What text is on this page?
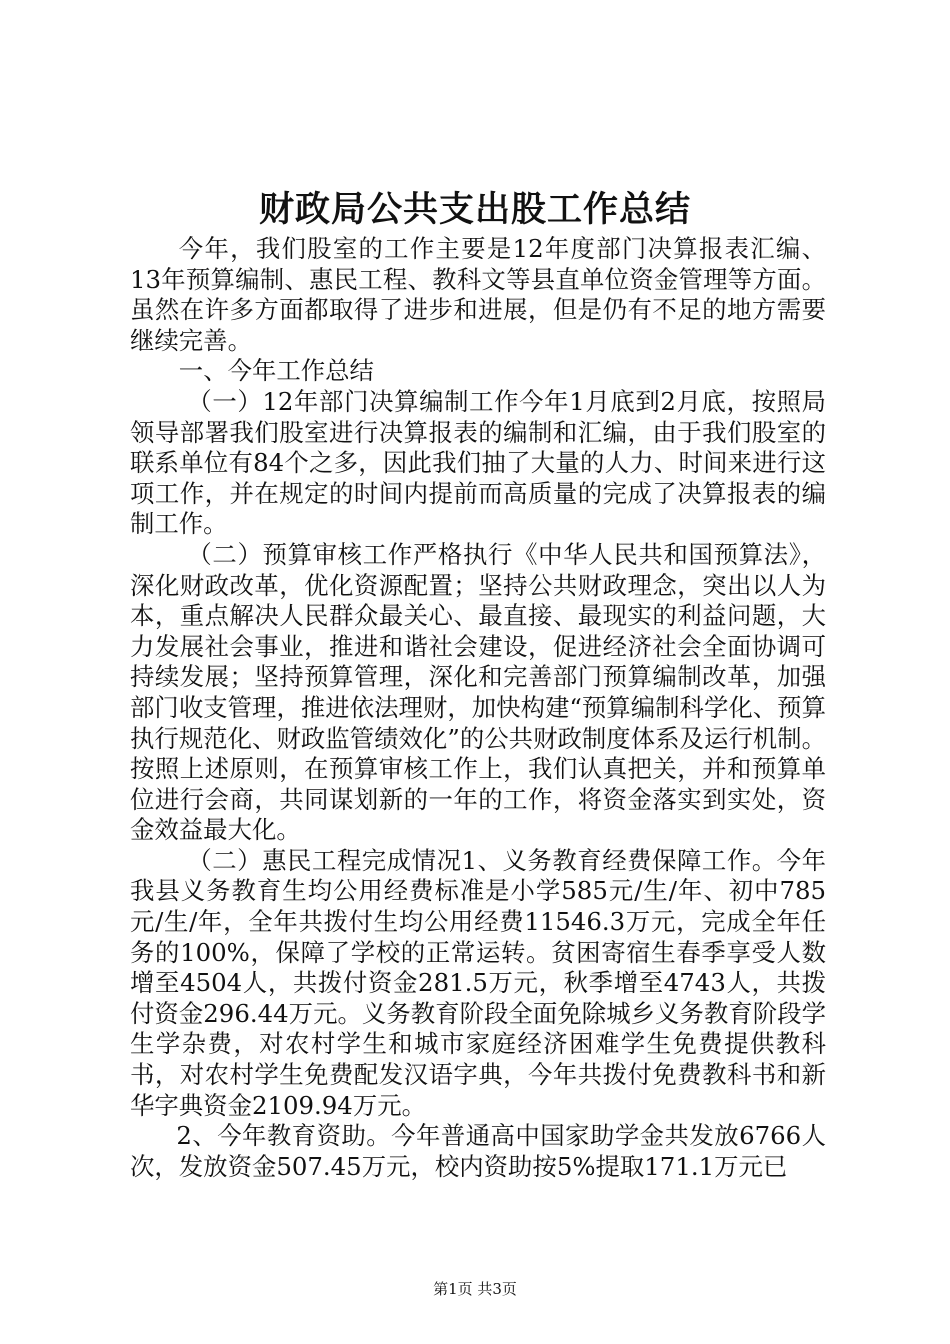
财政局公共支出股工作总结

今年，我们股室的工作主要是12年度部门决算报表汇编、13年预算编制、惠民工程、教科文等县直单位资金管理等方面。虽然在许多方面都取得了进步和进展，但是仍有不足的地方需要继续完善。

一、今年工作总结

（一）12年部门决算编制工作今年1月底到2月底，按照局领导部署我们股室进行决算报表的编制和汇编，由于我们股室的联系单位有84个之多，因此我们抽了大量的人力、时间来进行这项工作，并在规定的时间内提前而高质量的完成了决算报表的编制工作。

（二）预算审核工作严格执行《中华人民共和国预算法》，深化财政改革，优化资源配置；坚持公共财政理念，突出以人为本，重点解决人民群众最关心、最直接、最现实的利益问题，大力发展社会事业，推进和谐社会建设，促进经济社会全面协调可持续发展；坚持预算管理，深化和完善部门预算编制改革，加强部门收支管理，推进依法理财，加快构建“预算编制科学化、预算执行规范化、财政监管绩效化”的公共财政制度体系及运行机制。按照上述原则，在预算审核工作上，我们认真把关，并和预算单位进行会商，共同谋划新的一年的工作，将资金落实到实处，资金效益最大化。

（二）惠民工程完成情况1、义务教育经费保障工作。今年我县义务教育生均公用经费标准是小学585元/生/年、初中785元/生/年，全年共拨付生均公用经费11546.3万元，完成全年任务的100%，保障了学校的正常运转。贫困寄宿生春季享受人数增至4504人，共拨付资金281.5万元，秋季增至4743人，共拨付资金296.44万元。义务教育阶段全面免除城乡义务教育阶段学生学杂费，对农村学生和城市家庭经济困难学生免费提供教科书，对农村学生免费配发汉语字典，今年共拨付免费教科书和新华字典资金2109.94万元。

2、今年教育资助。今年普通高中国家助学金共发放6766人次，发放资金507.45万元，校内资助按5%提取171.1万元已

第1页 共3页
